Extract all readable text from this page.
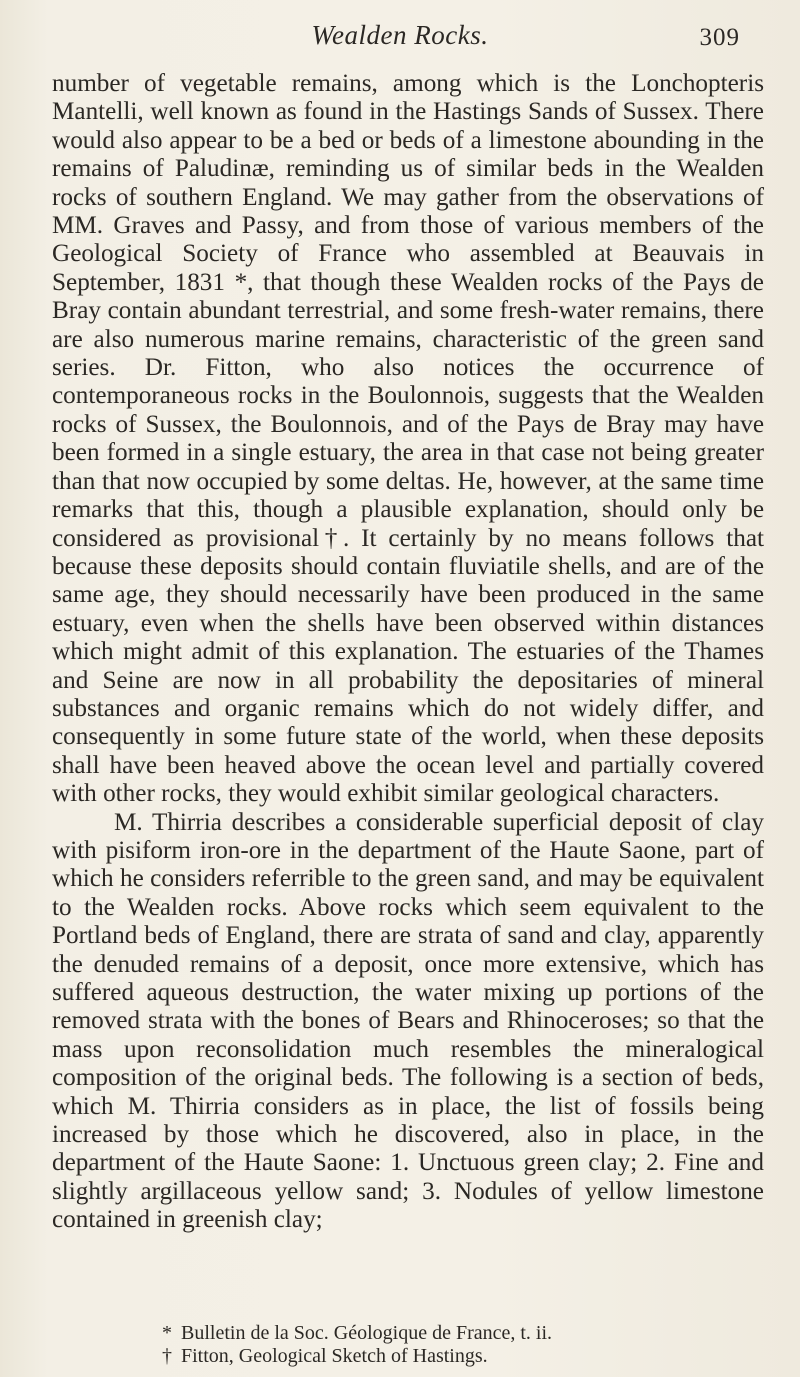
Wealden Rocks.	309

number of vegetable remains, among which is the Lonchopteris Mantelli, well known as found in the Hastings Sands of Sussex. There would also appear to be a bed or beds of a limestone abounding in the remains of Paludinæ, reminding us of similar beds in the Wealden rocks of southern England. We may gather from the observations of MM. Graves and Passy, and from those of various members of the Geological Society of France who assembled at Beauvais in September, 1831 *, that though these Wealden rocks of the Pays de Bray contain abundant terrestrial, and some fresh-water remains, there are also numerous marine remains, characteristic of the green sand series. Dr. Fitton, who also notices the occurrence of contemporaneous rocks in the Boulonnois, suggests that the Wealden rocks of Sussex, the Boulonnois, and of the Pays de Bray may have been formed in a single estuary, the area in that case not being greater than that now occupied by some deltas. He, however, at the same time remarks that this, though a plausible explanation, should only be considered as provisional†. It certainly by no means follows that because these deposits should contain fluviatile shells, and are of the same age, they should necessarily have been produced in the same estuary, even when the shells have been observed within distances which might admit of this explanation. The estuaries of the Thames and Seine are now in all probability the depositaries of mineral substances and organic remains which do not widely differ, and consequently in some future state of the world, when these deposits shall have been heaved above the ocean level and partially covered with other rocks, they would exhibit similar geological characters.

M. Thirria describes a considerable superficial deposit of clay with pisiform iron-ore in the department of the Haute Saone, part of which he considers referrible to the green sand, and may be equivalent to the Wealden rocks. Above rocks which seem equivalent to the Portland beds of England, there are strata of sand and clay, apparently the denuded remains of a deposit, once more extensive, which has suffered aqueous destruction, the water mixing up portions of the removed strata with the bones of Bears and Rhinoceroses; so that the mass upon reconsolidation much resembles the mineralogical composition of the original beds. The following is a section of beds, which M. Thirria considers as in place, the list of fossils being increased by those which he discovered, also in place, in the department of the Haute Saone: 1. Unctuous green clay; 2. Fine and slightly argillaceous yellow sand; 3. Nodules of yellow limestone contained in greenish clay;

* Bulletin de la Soc. Géologique de France, t. ii.
† Fitton, Geological Sketch of Hastings.
